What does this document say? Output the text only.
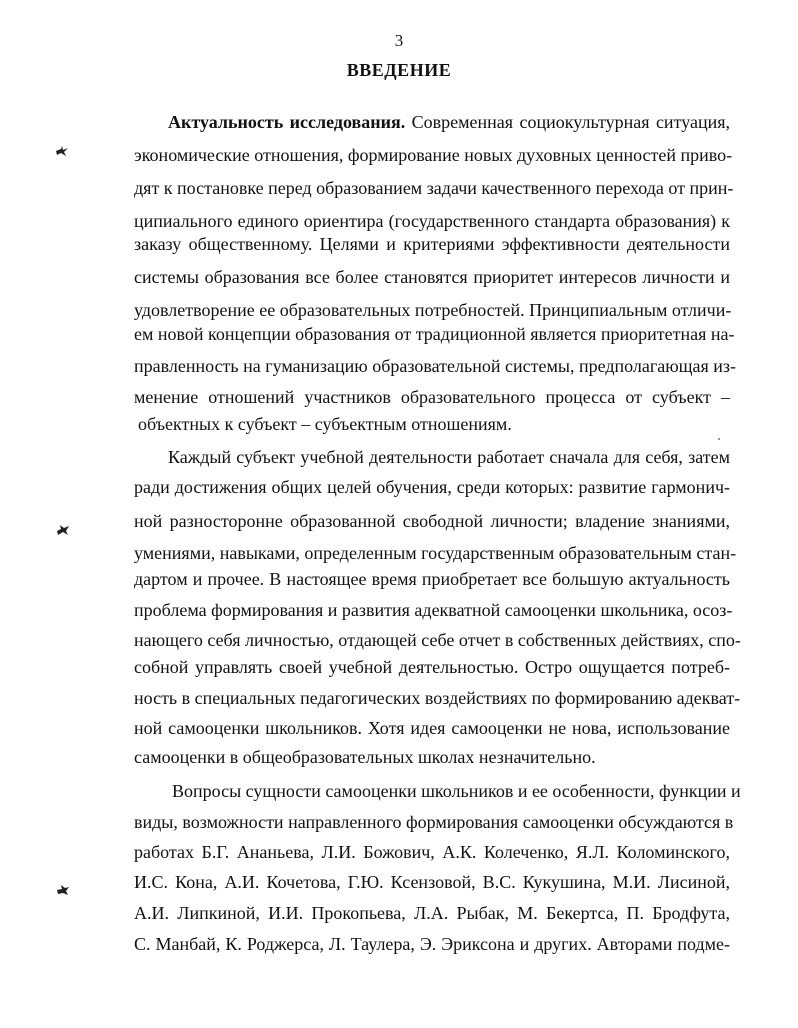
3
ВВЕДЕНИЕ
Актуальность исследования. Современная социокультурная ситуация,
экономические отношения, формирование новых духовных ценностей приво-
дят к постановке перед образованием задачи качественного перехода от прин-
ципиального единого ориентира (государственного стандарта образования) к
заказу общественному. Целями и критериями эффективности деятельности
системы образования все более становятся приоритет интересов личности и
удовлетворение ее образовательных потребностей. Принципиальным отличи-
ем новой концепции образования от традиционной является приоритетная на-
правленность на гуманизацию образовательной системы, предполагающая из-
менение отношений участников образовательного процесса от субъект –
объектных к субъект – субъектным отношениям.
Каждый субъект учебной деятельности работает сначала для себя, затем
ради достижения общих целей обучения, среди которых: развитие гармонич-
ной разносторонне образованной свободной личности; владение знаниями,
умениями, навыками, определенным государственным образовательным стан-
дартом и прочее. В настоящее время приобретает все большую актуальность
проблема формирования и развития адекватной самооценки школьника, осоз-
нающего себя личностью, отдающей себе отчет в собственных действиях, спо-
собной управлять своей учебной деятельностью. Остро ощущается потреб-
ность в специальных педагогических воздействиях по формированию адекват-
ной самооценки школьников. Хотя идея самооценки не нова, использование
самооценки в общеобразовательных школах незначительно.
Вопросы сущности самооценки школьников и ее особенности, функции и
виды, возможности направленного формирования самооценки обсуждаются в
работах Б.Г. Ананьева, Л.И. Божович, А.К. Колеченко, Я.Л. Коломинского,
И.С. Кона, А.И. Кочетова, Г.Ю. Ксензовой, В.С. Кукушина, М.И. Лисиной,
А.И. Липкиной, И.И. Прокопьева, Л.А. Рыбак, М. Бекертса, П. Бродфута,
С. Манбай, К. Роджерса, Л. Таулера, Э. Эриксона и других. Авторами подме-
